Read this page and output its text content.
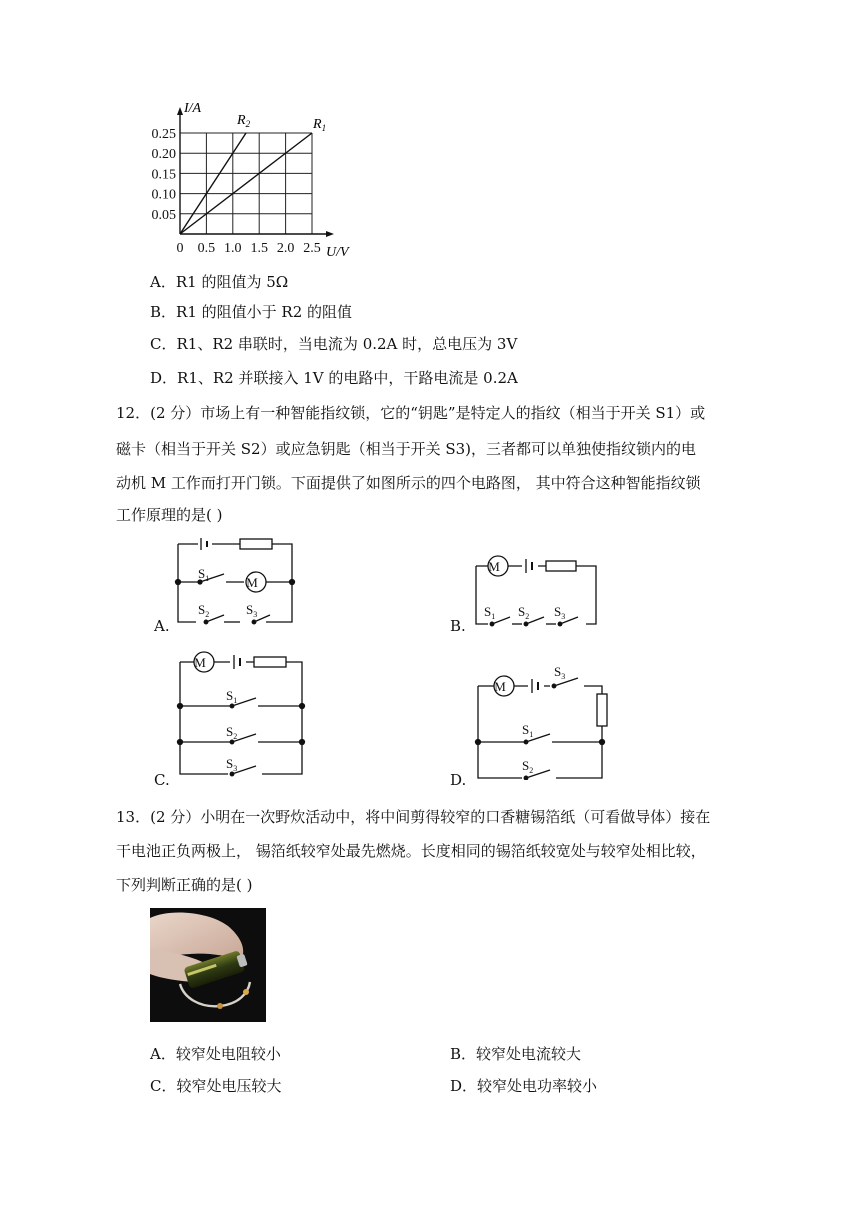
0 0.5 1.0 1.5 2.0 2.5
0.05
0.10
0.15
0.20
0.25
I/A
U/V
$R_2$	$R_1$
A．R1 的阻值为 5Ω
B．R1 的阻值小于 R2 的阻值
C．R1、R2 串联时，当电流为 0.2A 时，总电压为 3V
D．R1、R2 并联接入 1V 的电路中，干路电流是 0.2A
12．(2 分）市场上有一种智能指纹锁，它的“钥匙”是特定人的指纹（相当于开关 S1）或
磁卡（相当于开关 S2）或应急钥匙（相当于开关 S3)，三者都可以单独使指纹锁内的电
动机 M 工作而打开门锁。下面提供了如图所示的四个电路图， 其中符合这种智能指纹锁
工作原理的是( )
A.
$S_1$	M
$S_2$	$S_3$
B.
M
$S_1$ $S_2$ $S_3$
C.
M
$S_1$
$S_2$
$S_3$
D.
M
$S_3$
$S_1$
$S_2$
13．(2 分）小明在一次野炊活动中，将中间剪得较窄的口香糖锡箔纸（可看做导体）接在
干电池正负两极上， 锡箔纸较窄处最先燃烧。长度相同的锡箔纸较宽处与较窄处相比较，
下列判断正确的是( )
A．较窄处电阻较小	B．较窄处电流较大
C．较窄处电压较大	D．较窄处电功率较小
